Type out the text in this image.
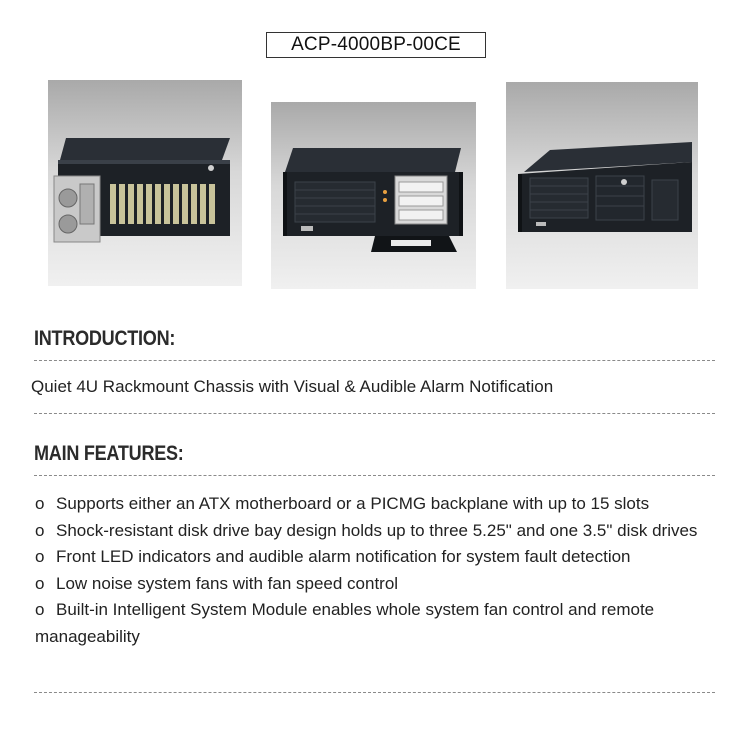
ACP-4000BP-00CE
INTRODUCTION:
Quiet 4U Rackmount Chassis with Visual & Audible Alarm Notification
MAIN FEATURES:
o Supports either an ATX motherboard or a PICMG backplane with up to 15 slots
o Shock-resistant disk drive bay design holds up to three 5.25" and one 3.5" disk drives
o Front LED indicators and audible alarm notification for system fault detection
o Low noise system fans with fan speed control
o Built-in Intelligent System Module enables whole system fan control and remote manageability
